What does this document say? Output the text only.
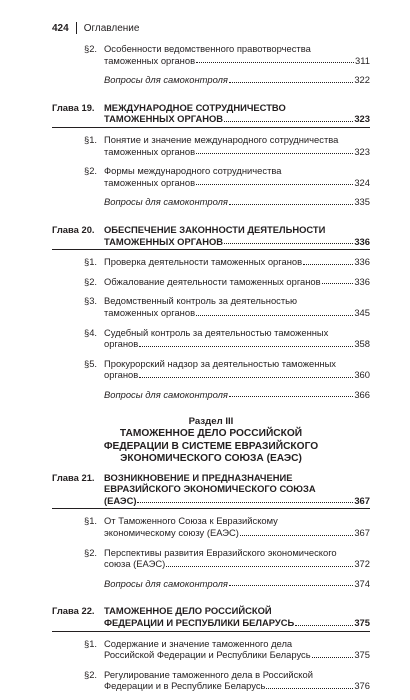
424 Оглавление
§2. Особенности ведомственного правотворчества
таможенных органов	311
Вопросы для самоконтроля	322
Глава 19. МЕЖДУНАРОДНОЕ СОТРУДНИЧЕСТВО
ТАМОЖЕННЫХ ОРГАНОВ	323
§1. Понятие и значение международного сотрудничества
таможенных органов	323
§2. Формы международного сотрудничества
таможенных органов	324
Вопросы для самоконтроля	335
Глава 20. ОБЕСПЕЧЕНИЕ ЗАКОННОСТИ ДЕЯТЕЛЬНОСТИ
ТАМОЖЕННЫХ ОРГАНОВ	336
§1. Проверка деятельности таможенных органов	336
§2. Обжалование деятельности таможенных органов	336
§3. Ведомственный контроль за деятельностью
таможенных органов	345
§4. Судебный контроль за деятельностью таможенных
органов	358
§5. Прокурорский надзор за деятельностью таможенных
органов	360
Вопросы для самоконтроля	366
Раздел III
ТАМОЖЕННОЕ ДЕЛО РОССИЙСКОЙ
ФЕДЕРАЦИИ В СИСТЕМЕ ЕВРАЗИЙСКОГО
ЭКОНОМИЧЕСКОГО СОЮЗА (ЕАЭС)
Глава 21. ВОЗНИКНОВЕНИЕ И ПРЕДНАЗНАЧЕНИЕ
ЕВРАЗИЙСКОГО ЭКОНОМИЧЕСКОГО СОЮЗА
(ЕАЭС)	367
§1. От Таможенного Союза к Евразийскому
экономическому союзу (ЕАЭС)	367
§2. Перспективы развития Евразийского экономического
союза (ЕАЭС)	372
Вопросы для самоконтроля	374
Глава 22. ТАМОЖЕННОЕ ДЕЛО РОССИЙСКОЙ
ФЕДЕРАЦИИ И РЕСПУБЛИКИ БЕЛАРУСЬ	375
§1. Содержание и значение таможенного дела
Российской Федерации и Республики Беларусь	375
§2. Регулирование таможенного дела в Российской
Федерации и в Республике Беларусь	376
